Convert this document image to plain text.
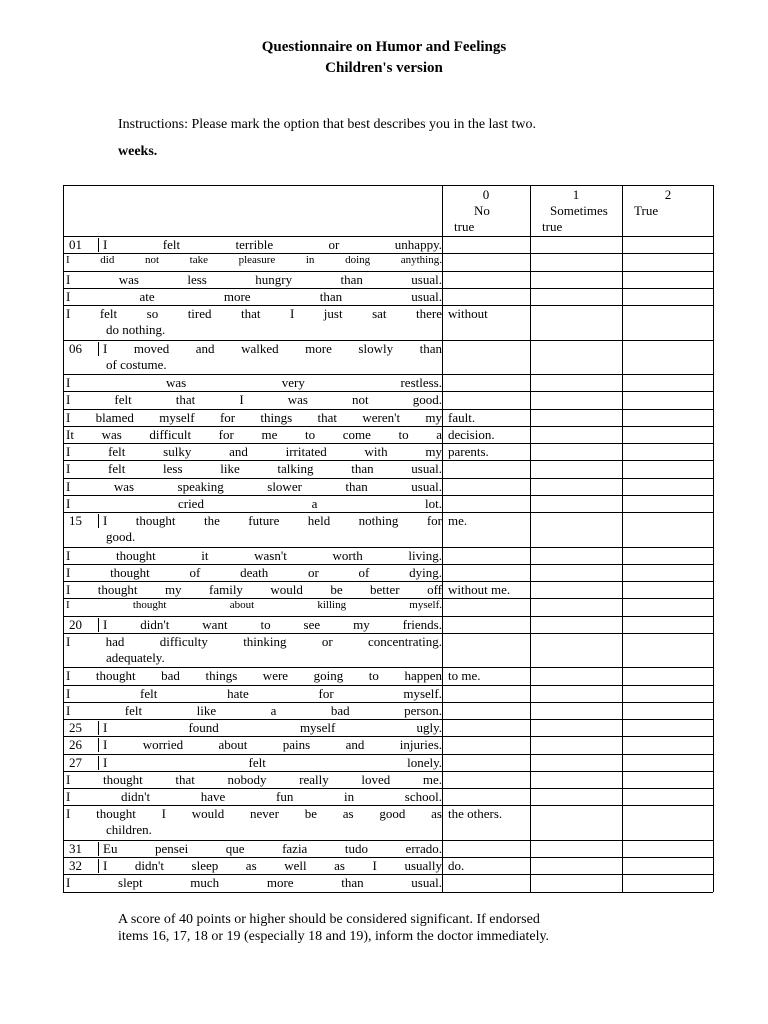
Questionnaire on Humor and Feelings
Children's version
Instructions: Please mark the option that best describes you in the last two.
weeks.
0
No
true
1
Sometimes
true
2
True
01 I felt terrible or unhappy.
I did not take pleasure in doing anything.
I was less hungry than usual.
I ate more than usual.
I felt so tired that I just sat there
do nothing.
without
06 I moved and walked more slowly than
of costume.
I was very restless.
I felt that I was not good.
I blamed myself for things that weren't my fault.
It was difficult for me to come to a decision.
I felt sulky and irritated with my parents.
I felt less like talking than usual.
I was speaking slower than usual.
I cried a lot.
15 I thought the future held nothing for
good.
me.
I thought it wasn't worth living.
I thought of death or of dying.
I thought my family would be better off without me.
I thought about killing myself.
20 I didn't want to see my friends.
I had difficulty thinking or concentrating.
adequately.
I thought bad things were going to happen to me.
I felt hate for myself.
I felt like a bad person.
25 I found myself ugly.
26 I worried about pains and injuries.
27 I felt lonely.
I thought that nobody really loved me.
I didn't have fun in school.
I thought I would never be as good as
children.
the others.
31 Eu pensei que fazia tudo errado.
32 I didn't sleep as well as I usually do.
I slept much more than usual.
A score of 40 points or higher should be considered significant. If endorsed
items 16, 17, 18 or 19 (especially 18 and 19), inform the doctor immediately.
